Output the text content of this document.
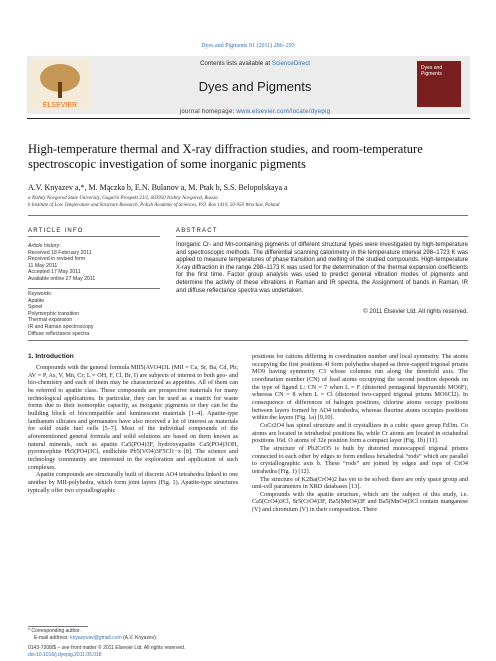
Dyes and Pigments 91 (2011) 286–293
ELSEVIER
Contents lists available at ScienceDirect
Dyes and Pigments
Dyes and Pigments
journal homepage: www.elsevier.com/locate/dyepig
High-temperature thermal and X-ray diffraction studies, and room-temperature spectroscopic investigation of some inorganic pigments
A.V. Knyazev a,*, M. Mączka b, E.N. Bulanov a, M. Ptak b, S.S. Belopolskaya a
a Nizhny Novgorod State University, Gagarin Prospekt 23/2, 603950 Nizhny Novgorod, Russia
b Institute of Low Temperature and Structure Research, Polish Academy of Sciences, P.O. Box 1410, 50-950 Wroclaw, Poland
ARTICLE INFO	ABSTRACT
Article history:
Received 18 February 2011
Received in revised form
11 May 2011
Accepted 17 May 2011
Available online 27 May 2011
Keywords:
Apatite
Spinel
Polymorphic transition
Thermal expansion
IR and Raman spectroscopy
Diffuse reflectance spectra
Inorganic Cr- and Mn-containing pigments of different structural types were investigated by high-temperature and spectroscopic methods. The differential scanning calorimetry in the temperature interval 298–1723 K was applied to measure temperatures of phase transition and melting of the studied compounds. High-temperature X-ray diffraction in the range 298–1173 K was used for the determination of the thermal expansion coefficients for the first time. Factor group analysis was used to predict general vibration modes of pigments and determine the activity of these vibrations in Raman and IR spectra, the Assignment of bands in Raman, IR and diffuse reflectance spectra was undertaken.
© 2011 Elsevier Ltd. All rights reserved.
1. Introduction

Compounds with the general formula MII5(AVO4)3L (MII = Ca, Sr, Ba, Cd, Pb; AV = P, As, V, Mn, Cr; L = OH, F, Cl, Br, I) are subjects of interest to both geo- and bio-chemistry and each of them may be characterized as appetites. All of them can be referred to apatite class. These compounds are prospective materials for many technological applications. In particular, they can be used as a matrix for waste forms due to their isomorphic capacity, as inorganic pigments or they can be the building block of biocompatible and luminescent materials [1–4]. Apatite-type lanthanum silicates and germanates have also received a lot of interest as materials for solid oxide fuel cells [5–7]. Most of the individual compounds of the aforementioned general formula and solid solutions are based on them known as natural minerals, such as apatite Ca5(PO4)3F, hydroxyapatite Ca5(PO4)3OH, pyromorphite Pb5(PO4)3Cl, endlichite Pb5(VO4)3F5Cl1−x [8]. The science and technology community are interested in the exploration and application of such complexes.

Apatite compounds are structurally built of discrete AO4 tetrahedra linked to one another by MII-polyhedra, which form joint layers (Fig. 1). Apatite-type structures typically offer two crystallographic

positions for cations differing in coordination number and local symmetry. The atoms occupying the first positions 4f form polyhedra shaped as three-capped trigonal prisms MO9 having symmetry C3 whose columns run along the threefold axis. The coordination number (CN) of lead atoms occupying the second position depends on the type of ligand L: CN = 7 when L = F (distorted pentagonal bipyramids MO6F), whereas CN = 8 when L = Cl (distorted two-capped trigonal prisms MO6Cl2). In consequence of differences of halogen positions, chlorine atoms occupy positions between layers formed by AO4 tetrahedra, whereas fluorine atoms occupies positions within the layers (Fig. 1a) [9,10].

CoCr2O4 has spinel structure and it crystallizes in a cubic space group Fd3m. Co atoms are located in tetrahedral positions 8a, while Cr atoms are located in octahedral positions 16d. O atoms of 32e position form a compact layer (Fig. 1b) [11].

The structure of Pb2CrO5 is built by distorted monocapped trigonal prisms connected to each other by edges to form endless hexahedral “rods” which are parallel to crystallographic axis b. These “rods” are joined by edges and tops of CrO4 tetrahedra (Fig. 1) [12].

The structure of K2Ba(CrO4)2 has yet to be solved: there are only space group and unit-cell parameters in XRD databases [13].

Compounds with the apatite structure, which are the subject of this study, i.e. Ca5(CrO4)3Cl, Sr5(CrO4)3F, Ba5(MnO4)3F and Ba5(MnO4)3Cl contain manganese (V) and chromium (V) in their composition. There

* Corresponding author.
E-mail address: knyazevav@gmail.com (A.V. Knyazev).
0143-7208/$ – see front matter © 2011 Elsevier Ltd. All rights reserved.
doi:10.1016/j.dyepig.2011.05.018
